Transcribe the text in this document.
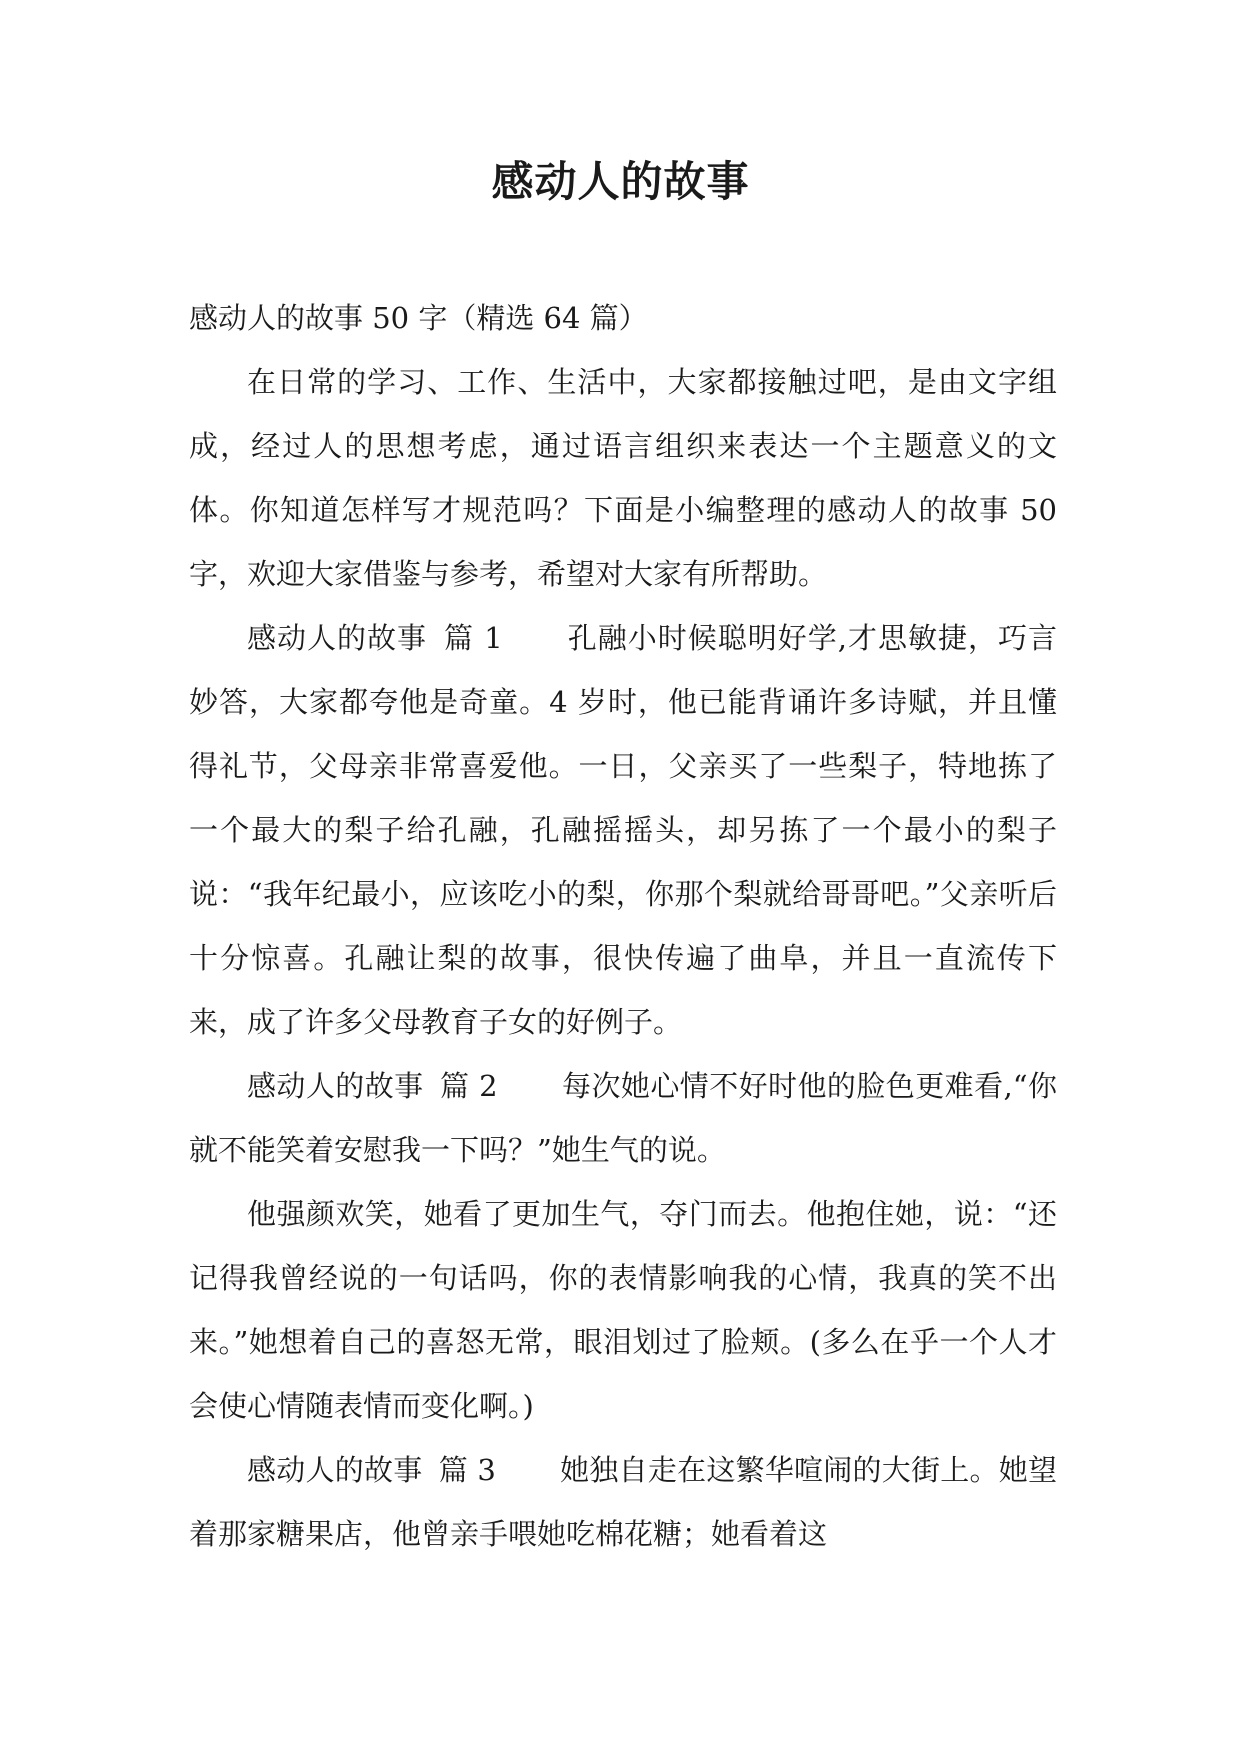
感动人的故事

感动人的故事 50 字（精选 64 篇）

在日常的学习、工作、生活中，大家都接触过吧，是由文字组成，经过人的思想考虑，通过语言组织来表达一个主题意义的文体。你知道怎样写才规范吗？下面是小编整理的感动人的故事 50 字，欢迎大家借鉴与参考，希望对大家有所帮助。

感动人的故事 篇 1 孔融小时候聪明好学,才思敏捷，巧言妙答，大家都夸他是奇童。4 岁时，他已能背诵许多诗赋，并且懂得礼节，父母亲非常喜爱他。一日，父亲买了一些梨子，特地拣了一个最大的梨子给孔融，孔融摇摇头，却另拣了一个最小的梨子说：“我年纪最小，应该吃小的梨，你那个梨就给哥哥吧。”父亲听后十分惊喜。孔融让梨的故事，很快传遍了曲阜，并且一直流传下来，成了许多父母教育子女的好例子。

感动人的故事 篇 2 每次她心情不好时他的脸色更难看,“你就不能笑着安慰我一下吗？”她生气的说。

他强颜欢笑，她看了更加生气，夺门而去。他抱住她，说：“还记得我曾经说的一句话吗，你的表情影响我的心情，我真的笑不出来。”她想着自己的喜怒无常，眼泪划过了脸颊。(多么在乎一个人才会使心情随表情而变化啊。)

感动人的故事 篇 3 她独自走在这繁华喧闹的大街上。她望着那家糖果店，他曾亲手喂她吃棉花糖；她看着这
